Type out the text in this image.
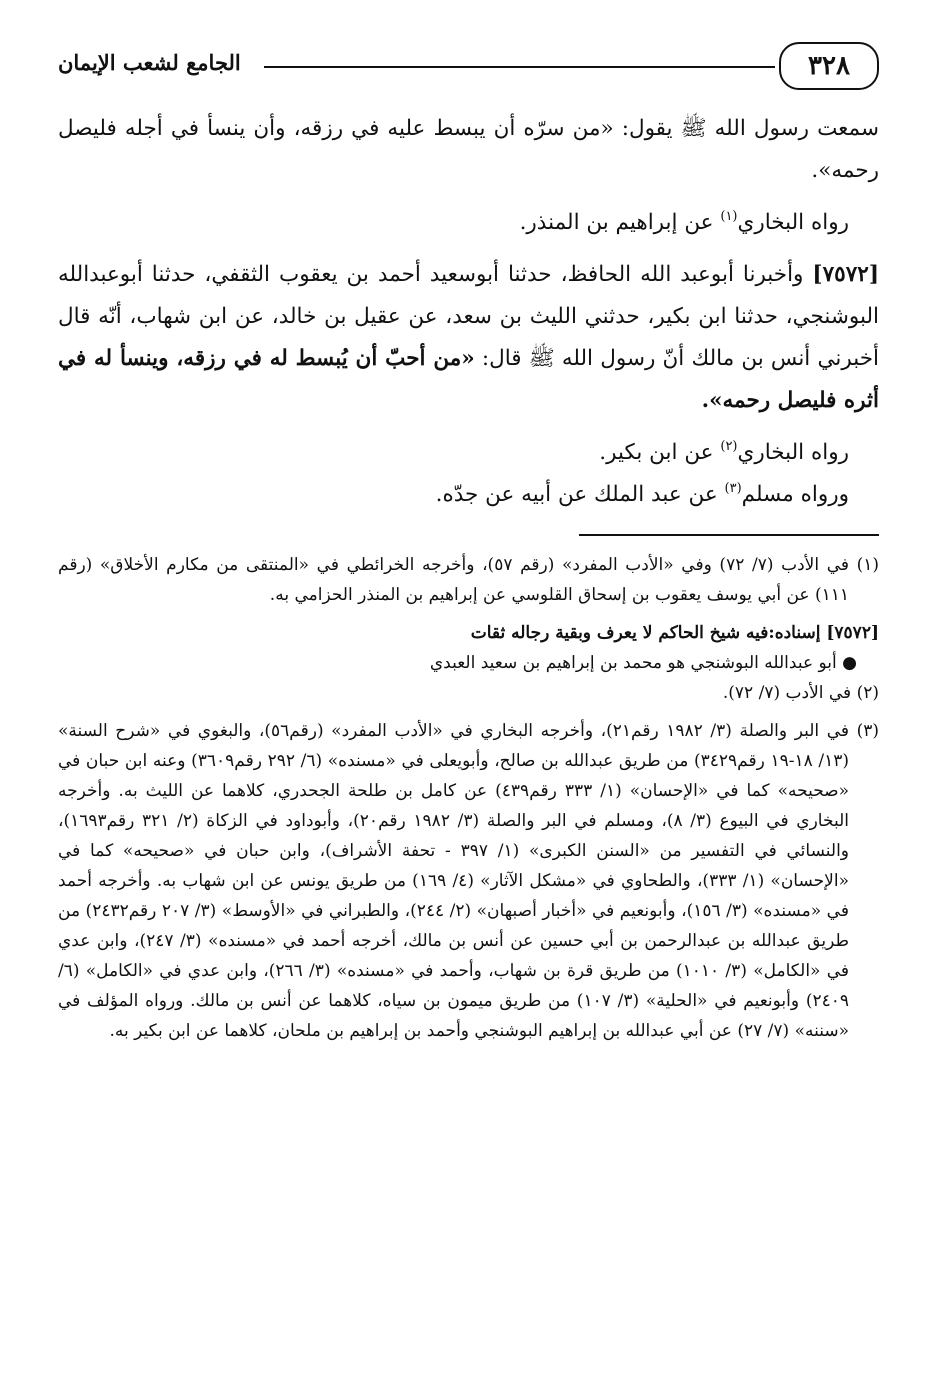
٣٢٨
الجامع لشعب الإيمان

سمعت رسول الله ﷺ يقول: «من سرّه أن يبسط عليه في رزقه، وأن ينسأ في أجله فليصل رحمه».

رواه البخاري$^{(١)}$ عن إبراهيم بن المنذر.

[٧٥٧٢] وأخبرنا أبوعبد الله الحافظ، حدثنا أبوسعيد أحمد بن يعقوب الثقفي، حدثنا أبوعبدالله البوشنجي، حدثنا ابن بكير، حدثني الليث بن سعد، عن عقيل بن خالد، عن ابن شهاب، أنّه قال أخبرني أنس بن مالك أنّ رسول الله ﷺ قال: «من أحبّ أن يُبسط له في رزقه، وينسأ له في أثره فليصل رحمه».

رواه البخاري$^{(٢)}$ عن ابن بكير.

ورواه مسلم$^{(٣)}$ عن عبد الملك عن أبيه عن جدّه.

(١) في الأدب (٧/ ٧٢) وفي «الأدب المفرد» (رقم ٥٧)، وأخرجه الخرائطي في «المنتقى من مكارم الأخلاق» (رقم ١١١) عن أبي يوسف يعقوب بن إسحاق القلوسي عن إبراهيم بن المنذر الحزامي به.

[٧٥٧٢] إسناده:فيه شيخ الحاكم لا يعرف وبقية رجاله ثقات

● أبو عبدالله البوشنجي هو محمد بن إبراهيم بن سعيد العبدي

(٢) في الأدب (٧/ ٧٢).

(٣) في البر والصلة (٣/ ١٩٨٢ رقم٢١)، وأخرجه البخاري في «الأدب المفرد» (رقم٥٦)، والبغوي في «شرح السنة» (١٣/ ١٨-١٩ رقم٣٤٢٩) من طريق عبدالله بن صالح، وأبويعلى في «مسنده» (٦/ ٢٩٢ رقم٣٦٠٩) وعنه ابن حبان في «صحيحه» كما في «الإحسان» (١/ ٣٣٣ رقم٤٣٩) عن كامل بن طلحة الجحدري، كلاهما عن الليث به. وأخرجه البخاري في البيوع (٣/ ٨)، ومسلم في البر والصلة (٣/ ١٩٨٢ رقم٢٠)، وأبوداود في الزكاة (٢/ ٣٢١ رقم١٦٩٣)، والنسائي في التفسير من «السنن الكبرى» (١/ ٣٩٧ - تحفة الأشراف)، وابن حبان في «صحيحه» كما في «الإحسان» (١/ ٣٣٣)، والطحاوي في «مشكل الآثار» (٤/ ١٦٩) من طريق يونس عن ابن شهاب به. وأخرجه أحمد في «مسنده» (٣/ ١٥٦)، وأبونعيم في «أخبار أصبهان» (٢/ ٢٤٤)، والطبراني في «الأوسط» (٣/ ٢٠٧ رقم٢٤٣٢) من طريق عبدالله بن عبدالرحمن بن أبي حسين عن أنس بن مالك، أخرجه أحمد في «مسنده» (٣/ ٢٤٧)، وابن عدي في «الكامل» (٣/ ١٠١٠) من طريق قرة بن شهاب، وأحمد في «مسنده» (٣/ ٢٦٦)، وابن عدي في «الكامل» (٦/ ٢٤٠٩) وأبونعيم في «الحلية» (٣/ ١٠٧) من طريق ميمون بن سياه، كلاهما عن أنس بن مالك. ورواه المؤلف في «سننه» (٧/ ٢٧) عن أبي عبدالله بن إبراهيم البوشنجي وأحمد بن إبراهيم بن ملحان، كلاهما عن ابن بكير به.
